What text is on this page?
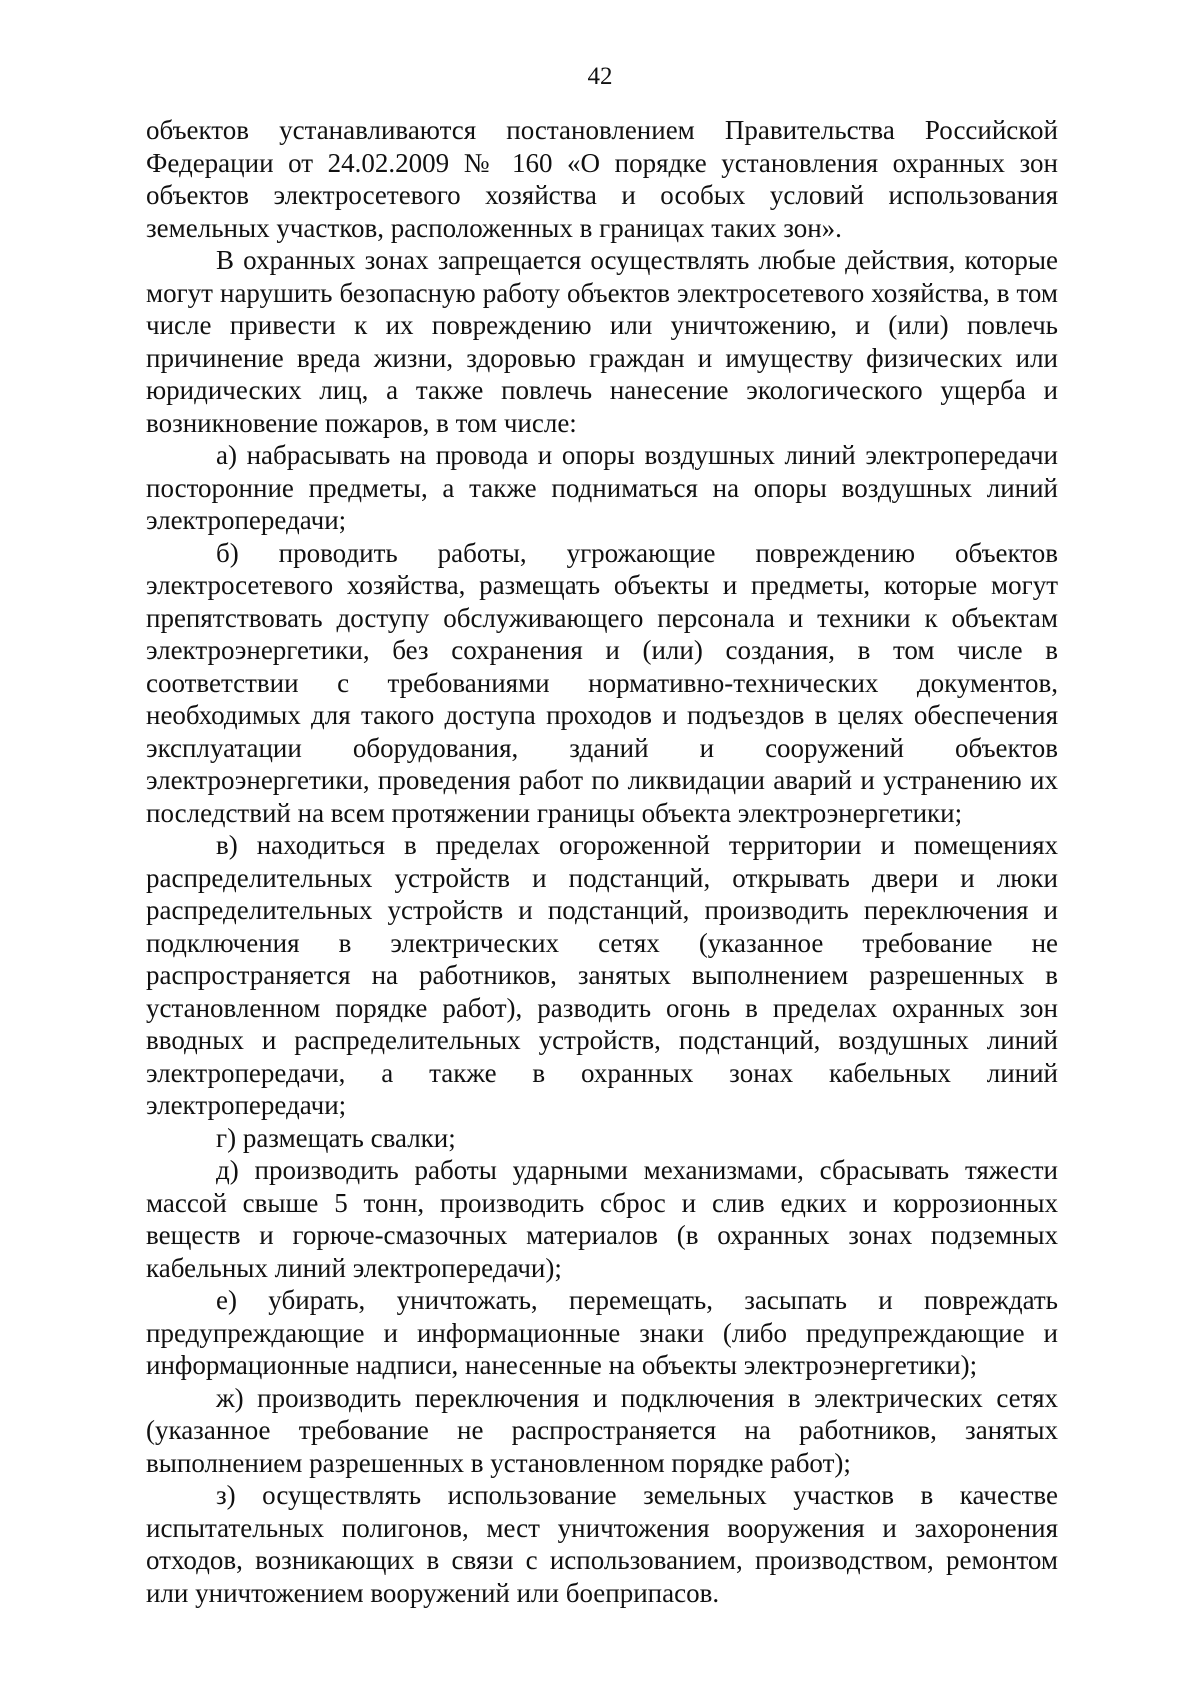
42

объектов устанавливаются постановлением Правительства Российской Федерации от 24.02.2009 № 160 «О порядке установления охранных зон объектов электросетевого хозяйства и особых условий использования земельных участков, расположенных в границах таких зон».

В охранных зонах запрещается осуществлять любые действия, которые могут нарушить безопасную работу объектов электросетевого хозяйства, в том числе привести к их повреждению или уничтожению, и (или) повлечь причинение вреда жизни, здоровью граждан и имуществу физических или юридических лиц, а также повлечь нанесение экологического ущерба и возникновение пожаров, в том числе:

а) набрасывать на провода и опоры воздушных линий электропередачи посторонние предметы, а также подниматься на опоры воздушных линий электропередачи;

б) проводить работы, угрожающие повреждению объектов электросетевого хозяйства, размещать объекты и предметы, которые могут препятствовать доступу обслуживающего персонала и техники к объектам электроэнергетики, без сохранения и (или) создания, в том числе в соответствии с требованиями нормативно-технических документов, необходимых для такого доступа проходов и подъездов в целях обеспечения эксплуатации оборудования, зданий и сооружений объектов электроэнергетики, проведения работ по ликвидации аварий и устранению их последствий на всем протяжении границы объекта электроэнергетики;

в) находиться в пределах огороженной территории и помещениях распределительных устройств и подстанций, открывать двери и люки распределительных устройств и подстанций, производить переключения и подключения в электрических сетях (указанное требование не распространяется на работников, занятых выполнением разрешенных в установленном порядке работ), разводить огонь в пределах охранных зон вводных и распределительных устройств, подстанций, воздушных линий электропередачи, а также в охранных зонах кабельных линий электропередачи;

г) размещать свалки;

д) производить работы ударными механизмами, сбрасывать тяжести массой свыше 5 тонн, производить сброс и слив едких и коррозионных веществ и горюче-смазочных материалов (в охранных зонах подземных кабельных линий электропередачи);

е) убирать, уничтожать, перемещать, засыпать и повреждать предупреждающие и информационные знаки (либо предупреждающие и информационные надписи, нанесенные на объекты электроэнергетики);

ж) производить переключения и подключения в электрических сетях (указанное требование не распространяется на работников, занятых выполнением разрешенных в установленном порядке работ);

з) осуществлять использование земельных участков в качестве испытательных полигонов, мест уничтожения вооружения и захоронения отходов, возникающих в связи с использованием, производством, ремонтом или уничтожением вооружений или боеприпасов.
